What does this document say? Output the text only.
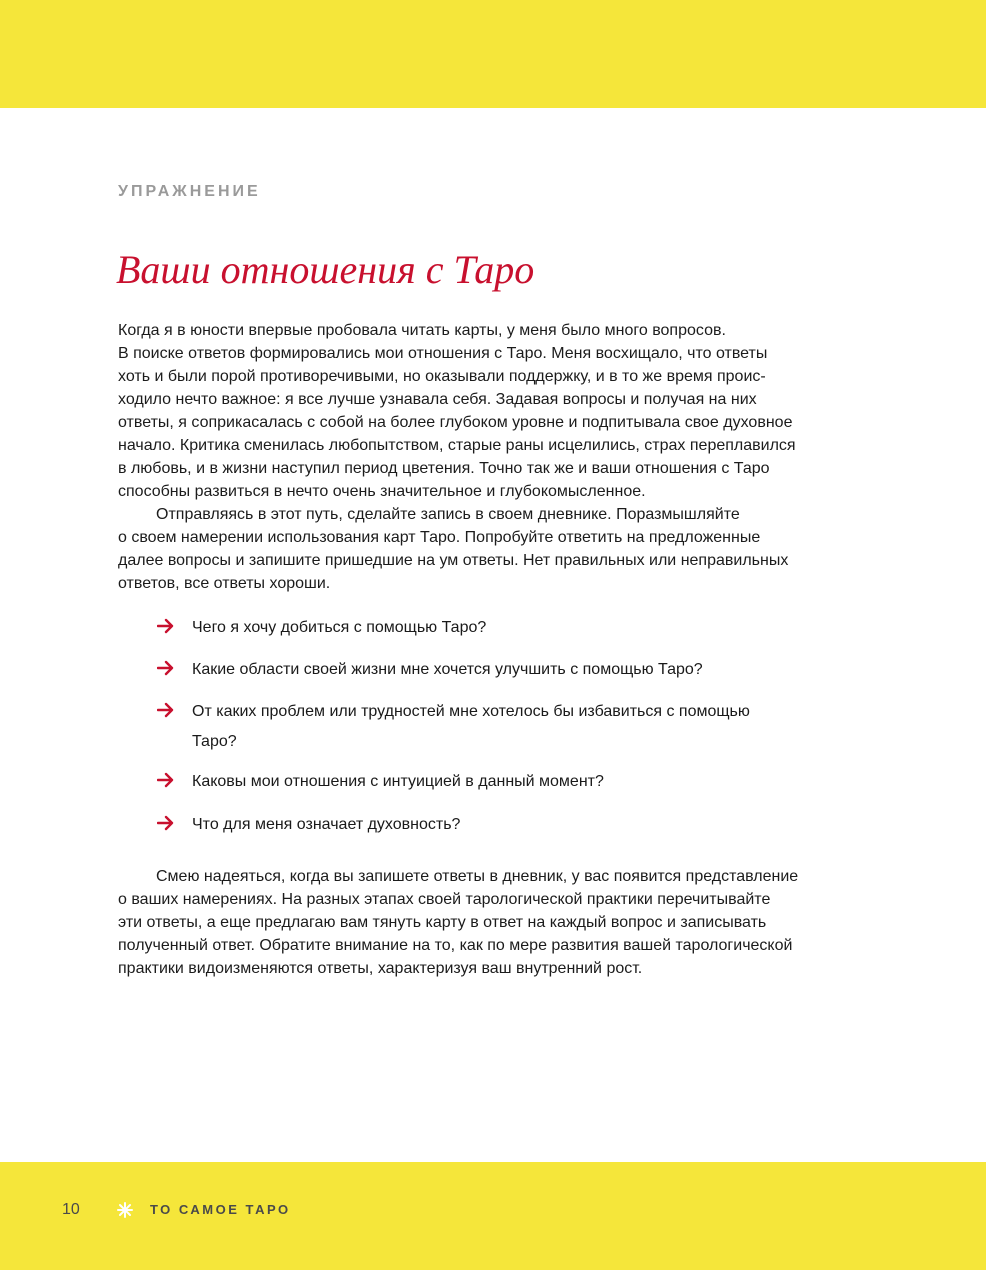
УПРАЖНЕНИЕ
Ваши отношения с Таро
Когда я в юности впервые пробовала читать карты, у меня было много вопросов.
В поиске ответов формировались мои отношения с Таро. Меня восхищало, что ответы
хоть и были порой противоречивыми, но оказывали поддержку, и в то же время проис-
ходило нечто важное: я все лучше узнавала себя. Задавая вопросы и получая на них
ответы, я соприкасалась с собой на более глубоком уровне и подпитывала свое духовное
начало. Критика сменилась любопытством, старые раны исцелились, страх переплавился
в любовь, и в жизни наступил период цветения. Точно так же и ваши отношения с Таро
способны развиться в нечто очень значительное и глубокомысленное.
Отправляясь в этот путь, сделайте запись в своем дневнике. Поразмышляйте
о своем намерении использования карт Таро. Попробуйте ответить на предложенные
далее вопросы и запишите пришедшие на ум ответы. Нет правильных или неправильных
ответов, все ответы хороши.
Чего я хочу добиться с помощью Таро?
Какие области своей жизни мне хочется улучшить с помощью Таро?
От каких проблем или трудностей мне хотелось бы избавиться с помощью
Таро?
Каковы мои отношения с интуицией в данный момент?
Что для меня означает духовность?
Смею надеяться, когда вы запишете ответы в дневник, у вас появится представление
о ваших намерениях. На разных этапах своей тарологической практики перечитывайте
эти ответы, а еще предлагаю вам тянуть карту в ответ на каждый вопрос и записывать
полученный ответ. Обратите внимание на то, как по мере развития вашей тарологической
практики видоизменяются ответы, характеризуя ваш внутренний рост.
10	ТО САМОЕ ТАРО
